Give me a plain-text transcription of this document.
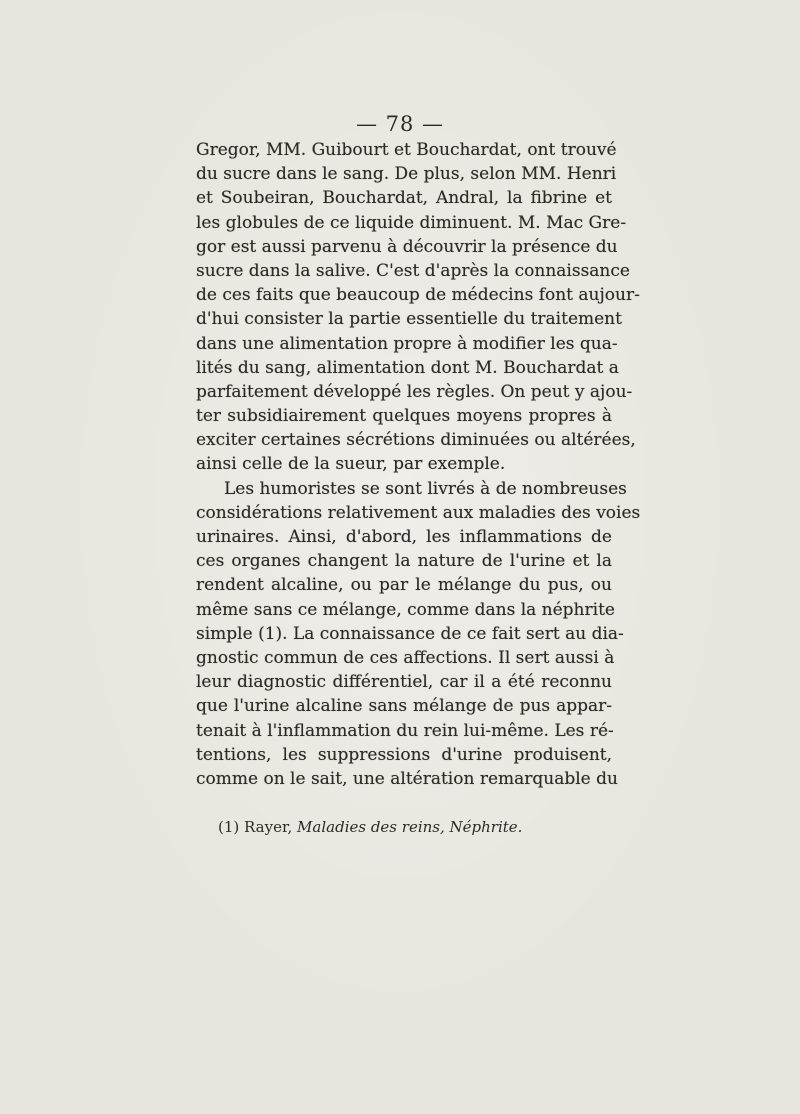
— 78 —
Gregor, MM. Guibourt et Bouchardat, ont trouvé
du sucre dans le sang. De plus, selon MM. Henri
et Soubeiran, Bouchardat, Andral, la fibrine et
les globules de ce liquide diminuent. M. Mac Gre-
gor est aussi parvenu à découvrir la présence du
sucre dans la salive. C'est d'après la connaissance
de ces faits que beaucoup de médecins font aujour-
d'hui consister la partie essentielle du traitement
dans une alimentation propre à modifier les qua-
lités du sang, alimentation dont M. Bouchardat a
parfaitement développé les règles. On peut y ajou-
ter subsidiairement quelques moyens propres à
exciter certaines sécrétions diminuées ou altérées,
ainsi celle de la sueur, par exemple.
Les humoristes se sont livrés à de nombreuses
considérations relativement aux maladies des voies
urinaires. Ainsi, d'abord, les inflammations de
ces organes changent la nature de l'urine et la
rendent alcaline, ou par le mélange du pus, ou
même sans ce mélange, comme dans la néphrite
simple (1). La connaissance de ce fait sert au dia-
gnostic commun de ces affections. Il sert aussi à
leur diagnostic différentiel, car il a été reconnu
que l'urine alcaline sans mélange de pus appar-
tenait à l'inflammation du rein lui-même. Les ré-
tentions, les suppressions d'urine produisent,
comme on le sait, une altération remarquable du
(1) Rayer, Maladies des reins, Néphrite.
